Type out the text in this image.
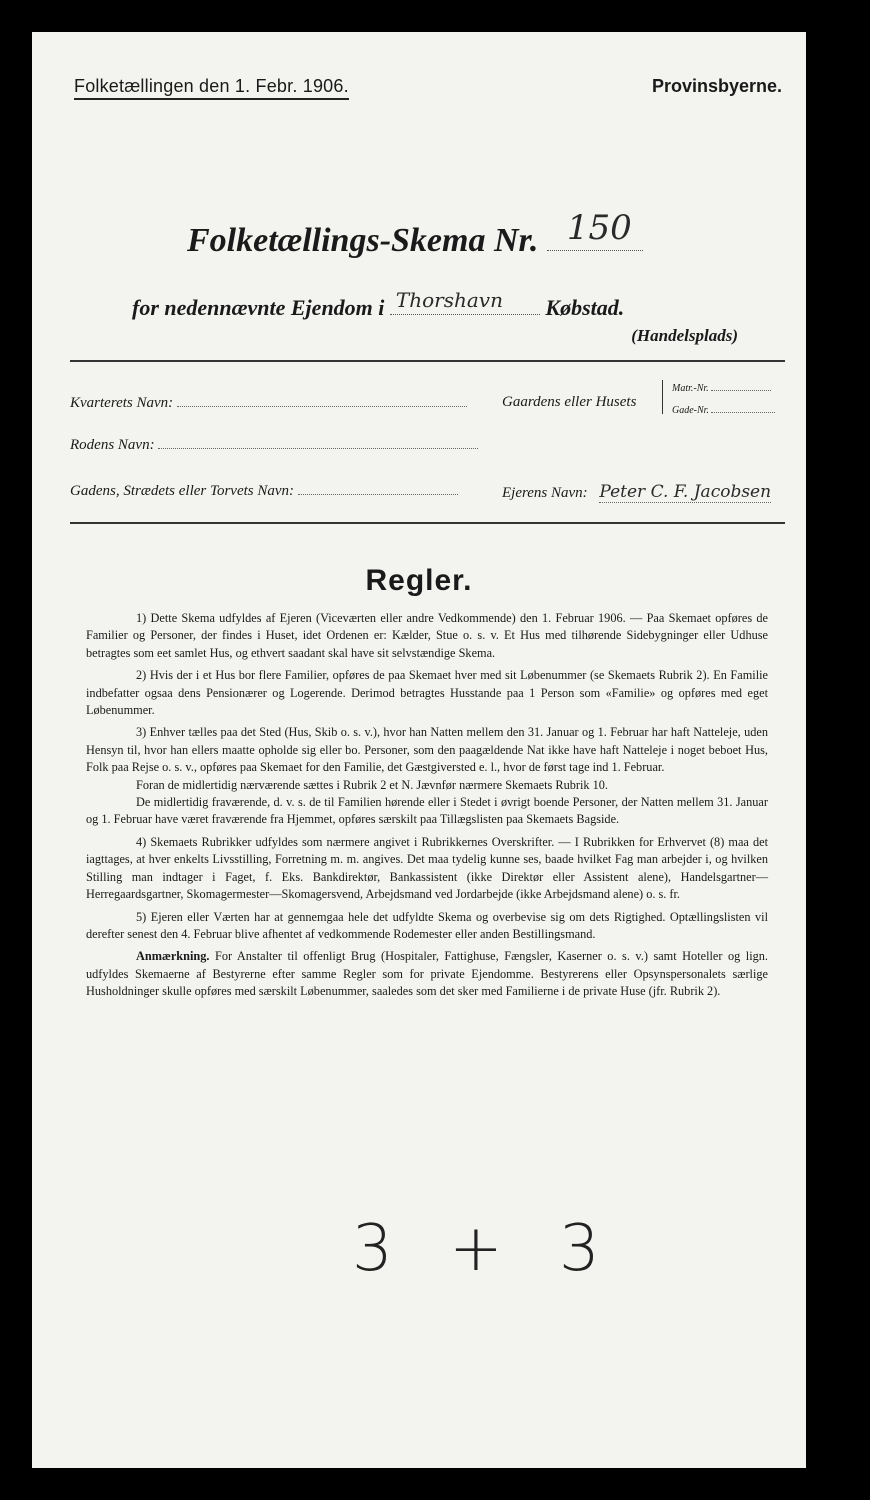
Folketællingen den 1. Febr. 1906.	Provinsbyerne.
Folketællings-Skema Nr. 150
for nedennævnte Ejendom i Thorshavn Købstad.
(Handelsplads)
Kvarterets Navn:	Gaardens eller Husets
Matr.-Nr.
Gade-Nr.
Rodens Navn:
Gadens, Strædets eller Torvets Navn:	Ejerens Navn: Peter C. F. Jacobsen
Regler.

1) Dette Skema udfyldes af Ejeren (Viceværten eller andre Vedkommende) den 1. Februar 1906. — Paa Skemaet opføres de Familier og Personer, der findes i Huset, idet Ordenen er: Kælder, Stue o. s. v. Et Hus med tilhørende Sidebygninger eller Udhuse betragtes som eet samlet Hus, og ethvert saadant skal have sit selvstændige Skema.

2) Hvis der i et Hus bor flere Familier, opføres de paa Skemaet hver med sit Løbenummer (se Skemaets Rubrik 2). En Familie indbefatter ogsaa dens Pensionærer og Logerende. Derimod betragtes Husstande paa 1 Person som «Familie» og opføres med eget Løbenummer.

3) Enhver tælles paa det Sted (Hus, Skib o. s. v.), hvor han Natten mellem den 31. Januar og 1. Februar har haft Natteleje, uden Hensyn til, hvor han ellers maatte opholde sig eller bo. Personer, som den paagældende Nat ikke have haft Natteleje i noget beboet Hus, Folk paa Rejse o. s. v., opføres paa Skemaet for den Familie, det Gæstgiversted e. l., hvor de først tage ind 1. Februar.

Foran de midlertidig nærværende sættes i Rubrik 2 et N. Jævnfør nærmere Skemaets Rubrik 10.

De midlertidig fraværende, d. v. s. de til Familien hørende eller i Stedet i øvrigt boende Personer, der Natten mellem 31. Januar og 1. Februar have været fraværende fra Hjemmet, opføres særskilt paa Tillægslisten paa Skemaets Bagside.

4) Skemaets Rubrikker udfyldes som nærmere angivet i Rubrikkernes Overskrifter. — I Rubrikken for Erhvervet (8) maa det iagttages, at hver enkelts Livsstilling, Forretning m. m. angives. Det maa tydelig kunne ses, baade hvilket Fag man arbejder i, og hvilken Stilling man indtager i Faget, f. Eks. Bankdirektør, Bankassistent (ikke Direktør eller Assistent alene), Handelsgartner—Herregaardsgartner, Skomagermester—Skomagersvend, Arbejdsmand ved Jordarbejde (ikke Arbejdsmand alene) o. s. fr.

5) Ejeren eller Værten har at gennemgaa hele det udfyldte Skema og overbevise sig om dets Rigtighed. Optællingslisten vil derefter senest den 4. Februar blive afhentet af vedkommende Rodemester eller anden Bestillingsmand.

Anmærkning. For Anstalter til offenligt Brug (Hospitaler, Fattighuse, Fængsler, Kaserner o. s. v.) samt Hoteller og lign. udfyldes Skemaerne af Bestyrerne efter samme Regler som for private Ejendomme. Bestyrerens eller Opsynspersonalets særlige Husholdninger skulle opføres med særskilt Løbenummer, saaledes som det sker med Familierne i de private Huse (jfr. Rubrik 2).

3 + 3
